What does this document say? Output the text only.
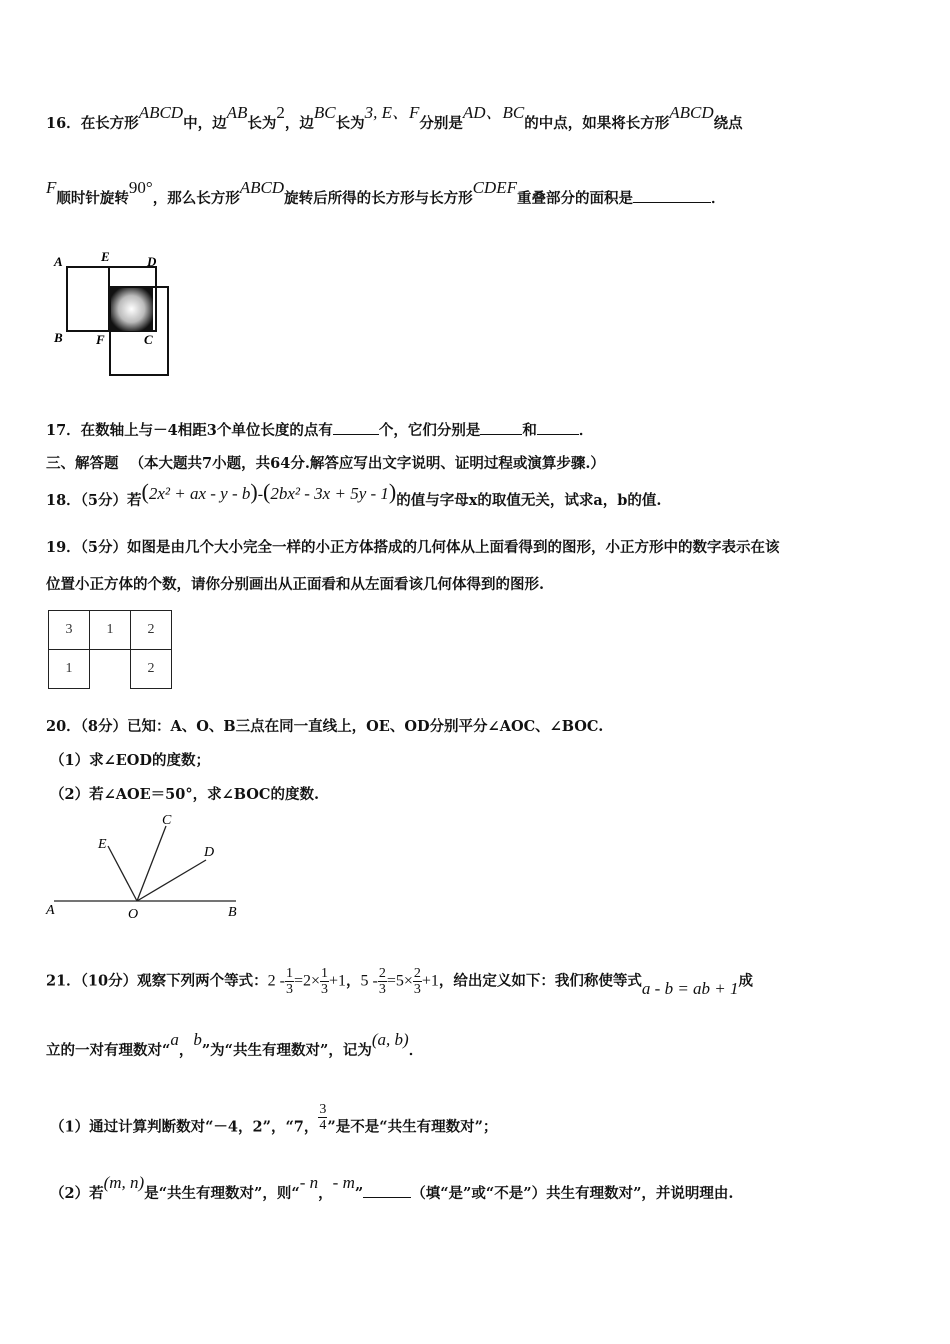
16．在长方形ABCD中，边AB长为2，边BC长为3, E、F分别是AD、BC的中点，如果将长方形ABCD绕点
F顺时针旋转90°，那么长方形ABCD旋转后所得的长方形与长方形CDEF重叠部分的面积是	．
A	E	D
B	F	C
17．在数轴上与－4相距3个单位长度的点有	个，它们分别是	和	．
三、解答题 （本大题共7小题，共64分.解答应写出文字说明、证明过程或演算步骤.）
18．（5分）若(2x² + ax - y - b)-(2bx² - 3x + 5y - 1)的值与字母x的取值无关，试求a，b的值.
19．（5分）如图是由几个大小完全一样的小正方体搭成的几何体从上面看得到的图形，小正方形中的数字表示在该
位置小正方体的个数，请你分别画出从正面看和从左面看该几何体得到的图形.
3	1	2
1		2
20．（8分）已知：A、O、B三点在同一直线上，OE、OD分别平分∠AOC、∠BOC.
（1）求∠EOD的度数；
（2）若∠AOE＝50°，求∠BOC的度数.
A	O	B
C
D
E
21．（10分）观察下列两个等式：$2 - \frac{1}{3} =2\times \frac{1}{3} +1$，$5 - \frac{2}{3} =5\times \frac{2}{3} +1$，给出定义如下：我们称使等式a - b = ab + 1成
立的一对有理数对“a，b”为“共生有理数对”，记为(a, b)．
（1）通过计算判断数对“－4，2”，“7， $\frac{3}{4}$ ”是不是“共生有理数对”；
（2）若(m, n)是“共生有理数对”，则“- n，- m”	（填“是”或“不是”）共生有理数对”，并说明理由.
